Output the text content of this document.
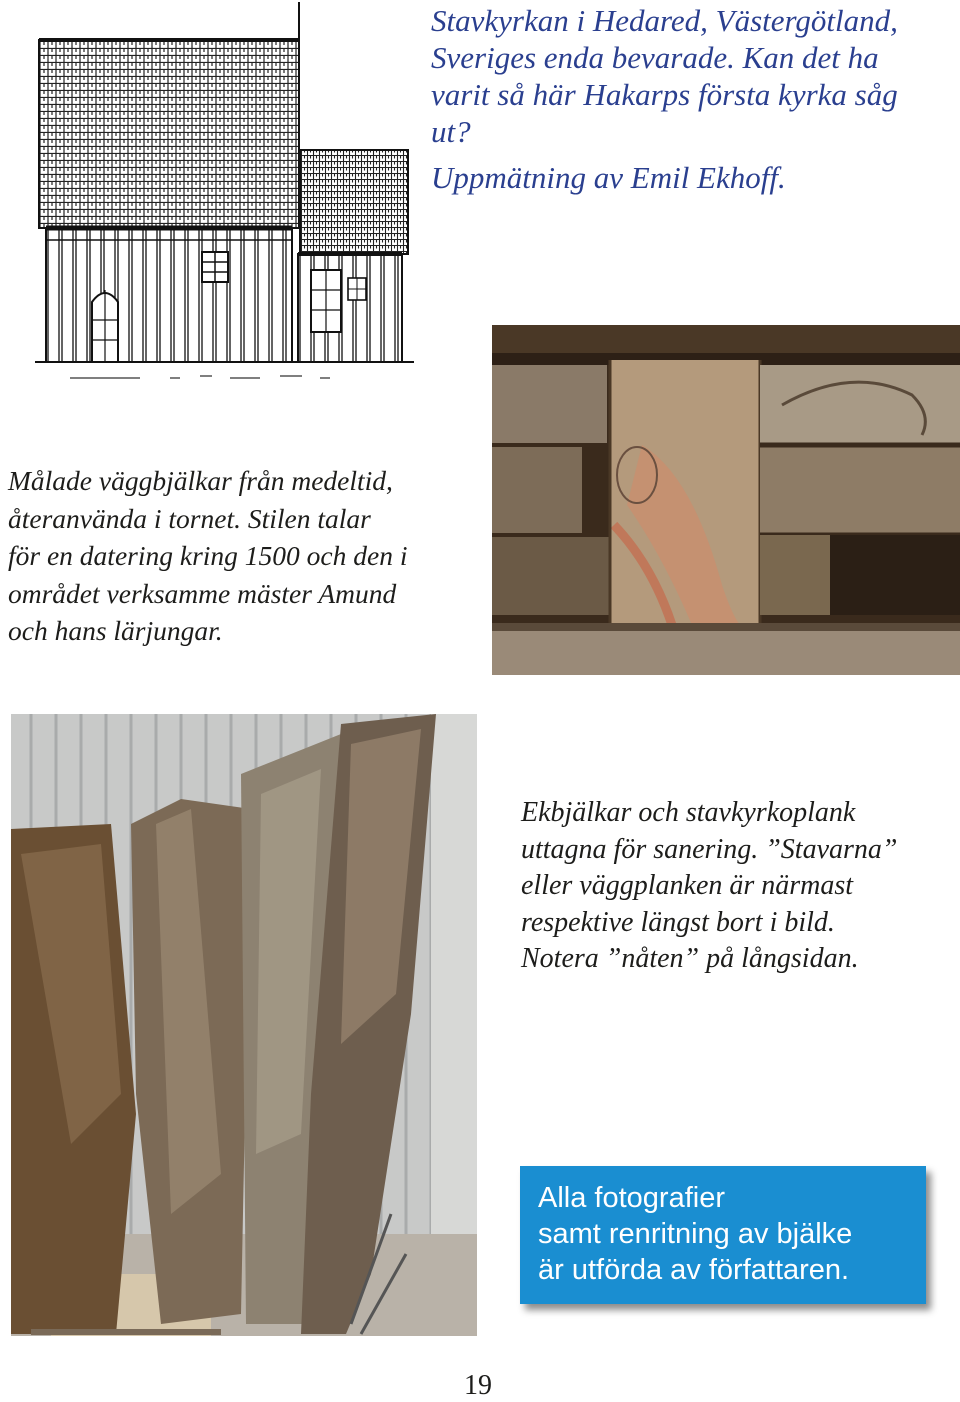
Stavkyrkan i Hedared, Västergötland,

Sveriges enda bevarade. Kan det ha

varit så här Hakarps första kyrka såg

ut?

Uppmätning av Emil Ekhoff.

Målade väggbjälkar från medeltid,

återanvända i tornet. Stilen talar

för en datering kring 1500 och den i

området verksamme mäster Amund

och hans lärjungar.

Ekbjälkar och stavkyrkoplank

uttagna för sanering. ”Stavarna”

eller väggplanken är närmast

respektive längst bort i bild.

Notera ”nåten” på långsidan.

Alla fotografier
samt renritning av bjälke
är utförda av författaren.
19
